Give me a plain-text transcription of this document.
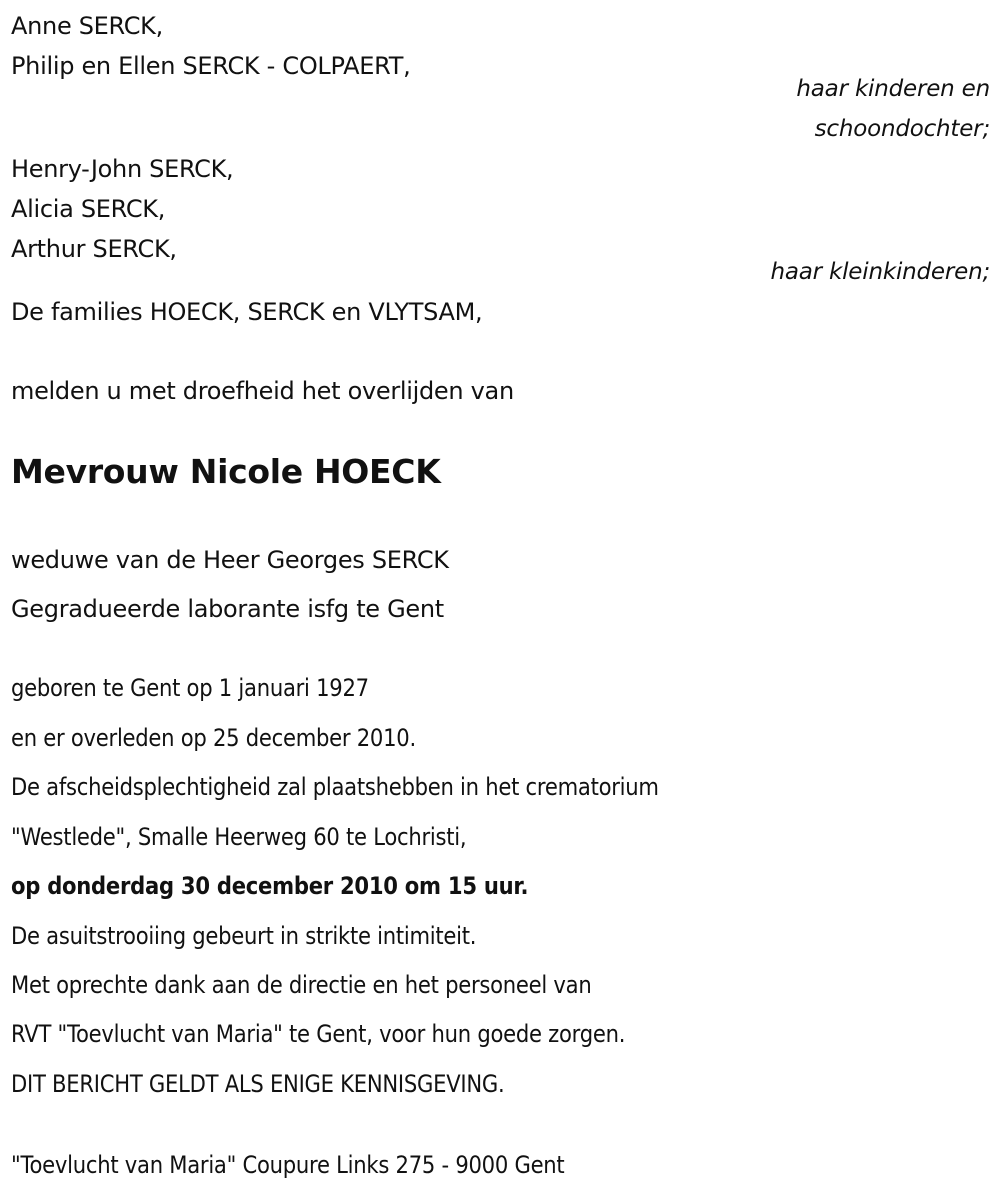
Anne SERCK,
Philip en Ellen SERCK - COLPAERT,
haar kinderen en
schoondochter;
Henry-John SERCK,
Alicia SERCK,
Arthur SERCK,
haar kleinkinderen;
De families HOECK, SERCK en VLYTSAM,
melden u met droefheid het overlijden van
Mevrouw Nicole HOECK
weduwe van de Heer Georges SERCK
Gegradueerde laborante isfg te Gent
geboren te Gent op 1 januari 1927
en er overleden op 25 december 2010.
De afscheidsplechtigheid zal plaatshebben in het crematorium
"Westlede", Smalle Heerweg 60 te Lochristi,
op donderdag 30 december 2010 om 15 uur.
De asuitstrooiing gebeurt in strikte intimiteit.
Met oprechte dank aan de directie en het personeel van
RVT "Toevlucht van Maria" te Gent, voor hun goede zorgen.
DIT BERICHT GELDT ALS ENIGE KENNISGEVING.
"Toevlucht van Maria" Coupure Links 275 - 9000 Gent
